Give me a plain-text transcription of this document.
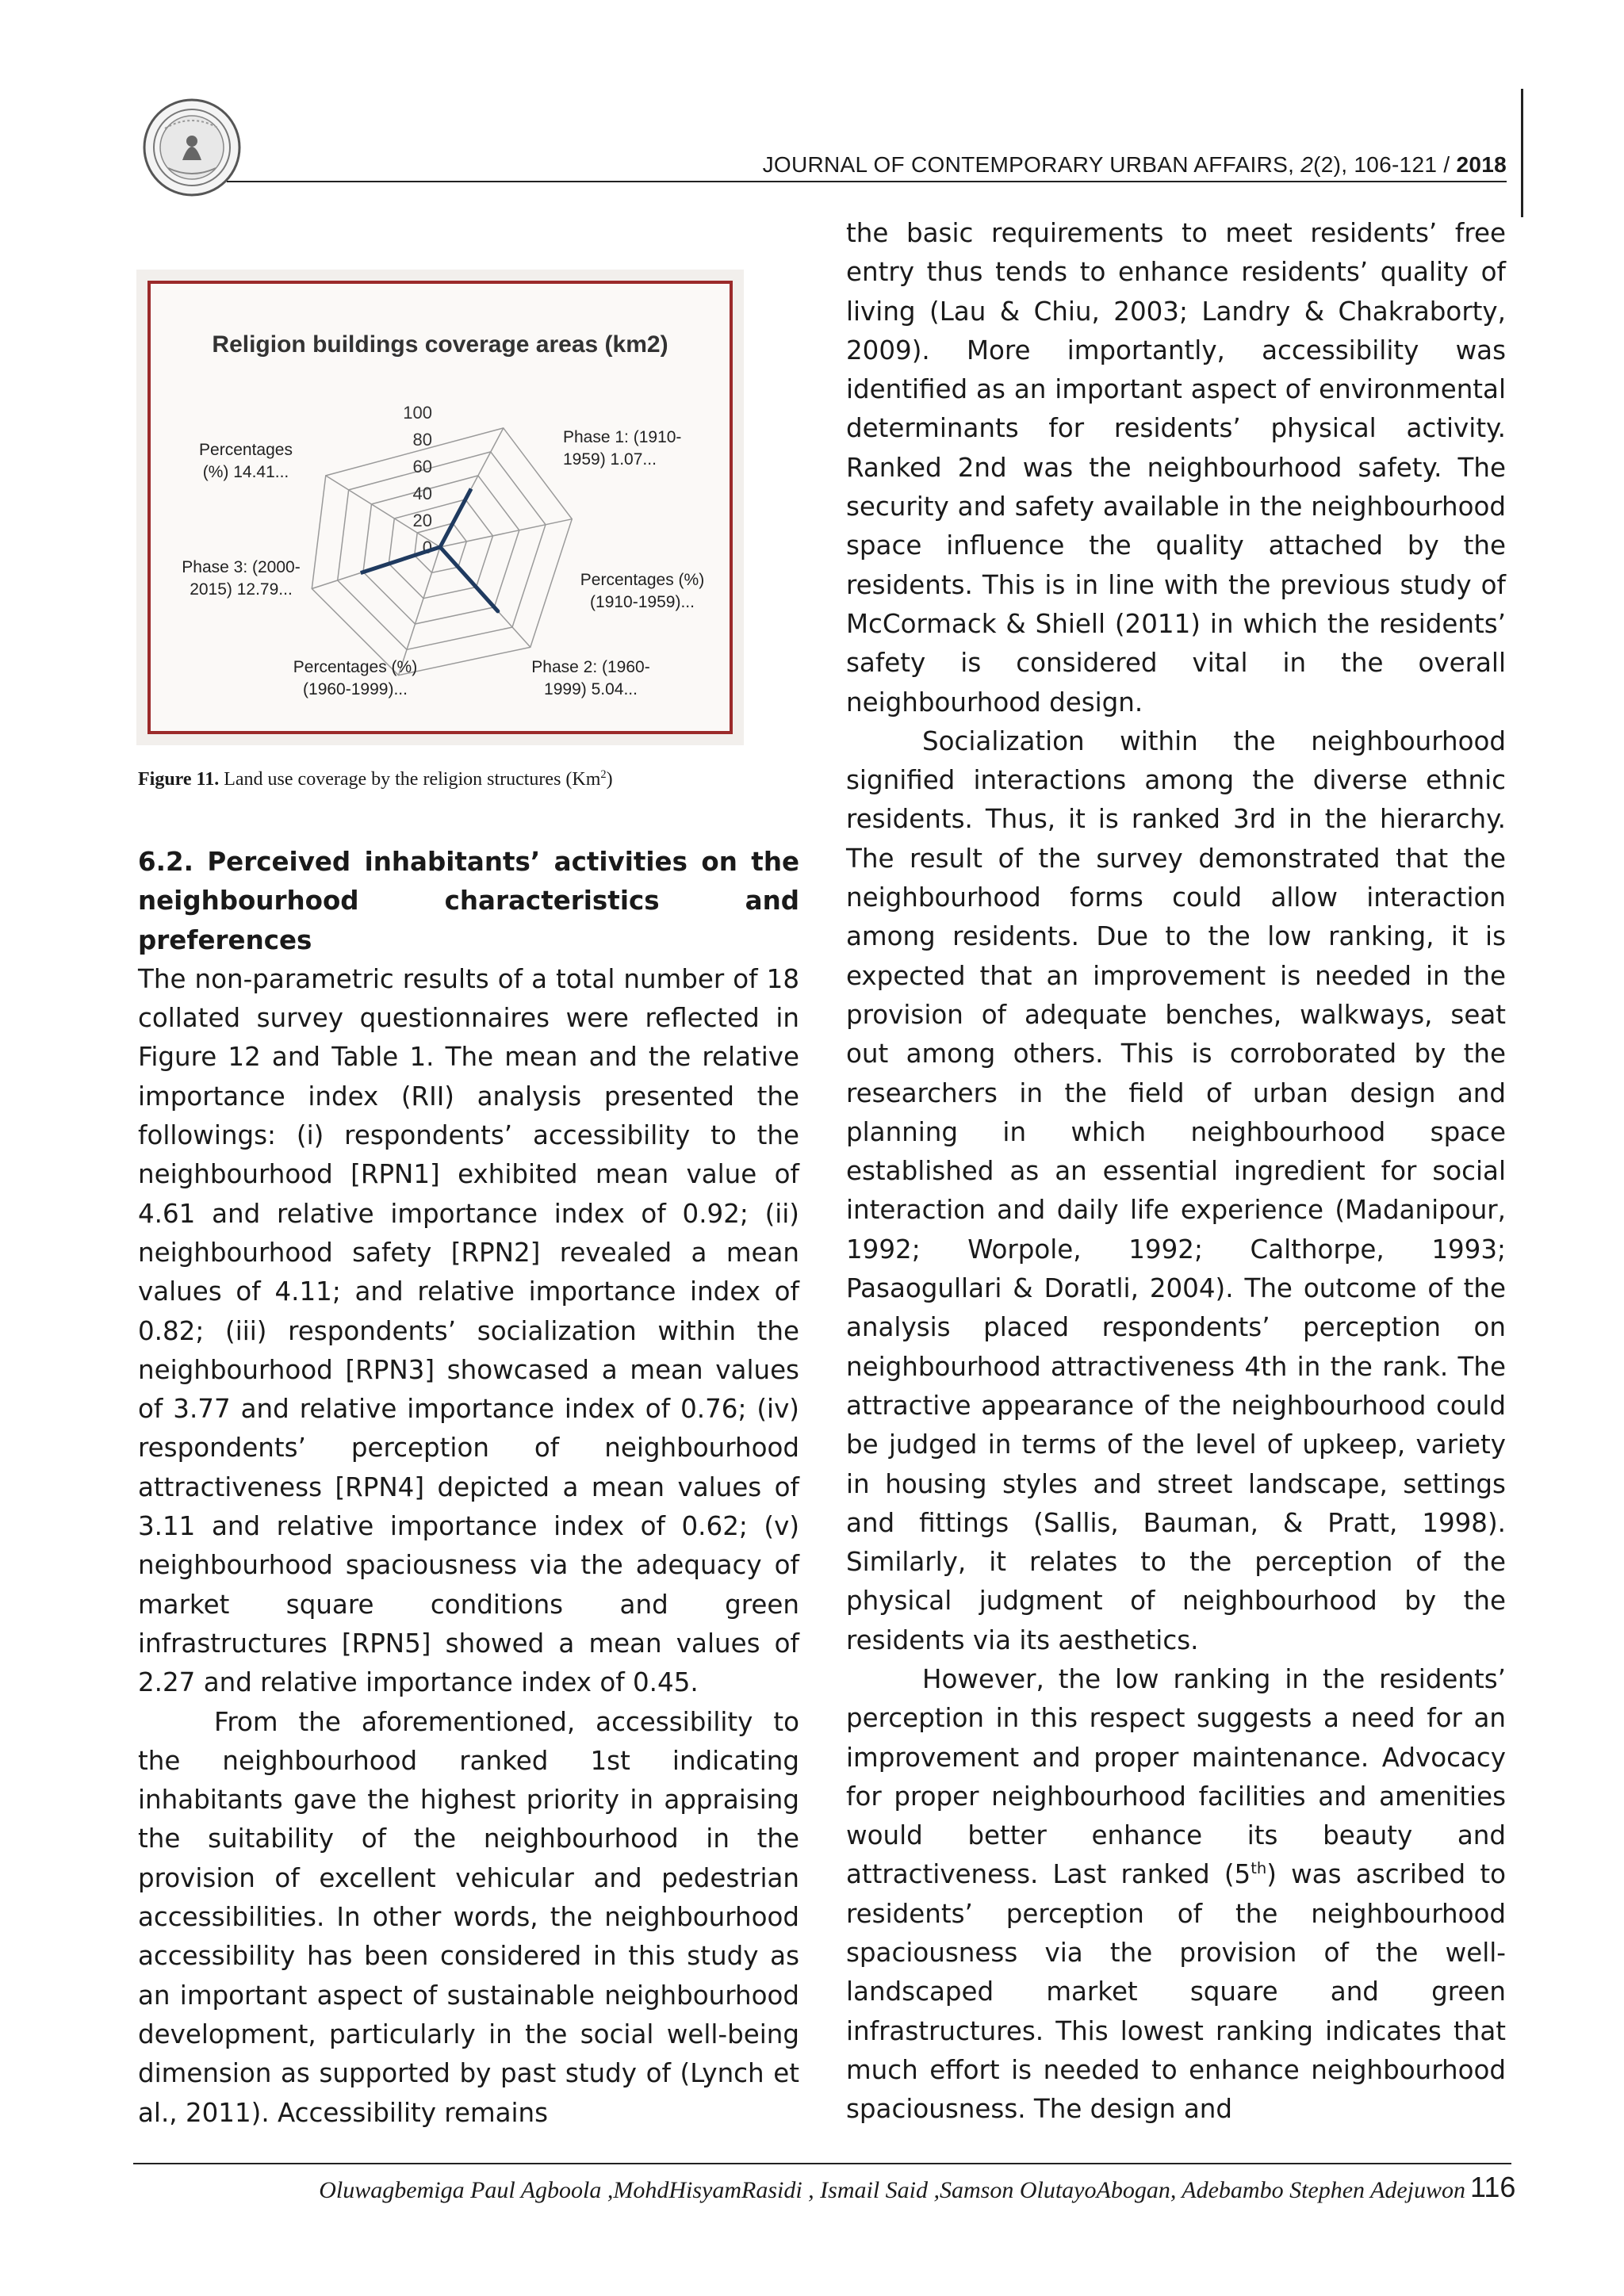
JOURNAL OF CONTEMPORARY URBAN AFFAIRS, 2(2), 106-121 / 2018
Religion buildings coverage areas (km2)
0
20
40
60
80
100
Phase 1: (1910-
1959) 1.07...
Percentages (%)
(1910-1959)...
Phase 2: (1960-
1999) 5.04...
Percentages (%)
(1960-1999)...
Phase 3: (2000-
2015) 12.79...
Percentages
(%) 14.41...
Figure 11. Land use coverage by the religion structures (Km$^2$)

6.2. Perceived inhabitants’ activities on the neighbourhood characteristics and preferences

The non-parametric results of a total number of 18 collated survey questionnaires were reflected in Figure 12 and Table 1. The mean and the relative importance index (RII) analysis presented the followings: (i) respondents’ accessibility to the neighbourhood [RPN1] exhibited mean value of 4.61 and relative importance index of 0.92; (ii) neighbourhood safety [RPN2] revealed a mean values of 4.11; and relative importance index of 0.82; (iii) respondents’ socialization within the neighbourhood [RPN3] showcased a mean values of 3.77 and relative importance index of 0.76; (iv) respondents’ perception of neighbourhood attractiveness [RPN4] depicted a mean values of 3.11 and relative importance index of 0.62; (v) neighbourhood spaciousness via the adequacy of market square conditions and green infrastructures [RPN5] showed a mean values of 2.27 and relative importance index of 0.45.

From the aforementioned, accessibility to the neighbourhood ranked 1st indicating inhabitants gave the highest priority in appraising the suitability of the neighbourhood in the provision of excellent vehicular and pedestrian accessibilities. In other words, the neighbourhood accessibility has been considered in this study as an important aspect of sustainable neighbourhood development, particularly in the social well-being dimension as supported by past study of (Lynch et al., 2011). Accessibility remains

the basic requirements to meet residents’ free entry thus tends to enhance residents’ quality of living (Lau & Chiu, 2003; Landry & Chakraborty, 2009). More importantly, accessibility was identified as an important aspect of environmental determinants for residents’ physical activity. Ranked 2nd was the neighbourhood safety. The security and safety available in the neighbourhood space influence the quality attached by the residents. This is in line with the previous study of McCormack & Shiell (2011) in which the residents’ safety is considered vital in the overall neighbourhood design.

Socialization within the neighbourhood signified interactions among the diverse ethnic residents. Thus, it is ranked 3rd in the hierarchy. The result of the survey demonstrated that the neighbourhood forms could allow interaction among residents. Due to the low ranking, it is expected that an improvement is needed in the provision of adequate benches, walkways, seat out among others. This is corroborated by the researchers in the field of urban design and planning in which neighbourhood space established as an essential ingredient for social interaction and daily life experience (Madanipour, 1992; Worpole, 1992; Calthorpe, 1993; Pasaogullari & Doratli, 2004). The outcome of the analysis placed respondents’ perception on neighbourhood attractiveness 4th in the rank. The attractive appearance of the neighbourhood could be judged in terms of the level of upkeep, variety in housing styles and street landscape, settings and fittings (Sallis, Bauman, & Pratt, 1998). Similarly, it relates to the perception of the physical judgment of neighbourhood by the residents via its aesthetics.

However, the low ranking in the residents’ perception in this respect suggests a need for an improvement and proper maintenance. Advocacy for proper neighbourhood facilities and amenities would better enhance its beauty and attractiveness. Last ranked (5th) was ascribed to residents’ perception of the neighbourhood spaciousness via the provision of the well-landscaped market square and green infrastructures. This lowest ranking indicates that much effort is needed to enhance neighbourhood spaciousness. The design and

Oluwagbemiga Paul Agboola ,MohdHisyamRasidi , Ismail Said ,Samson OlutayoAbogan, Adebambo Stephen Adejuwon 116
